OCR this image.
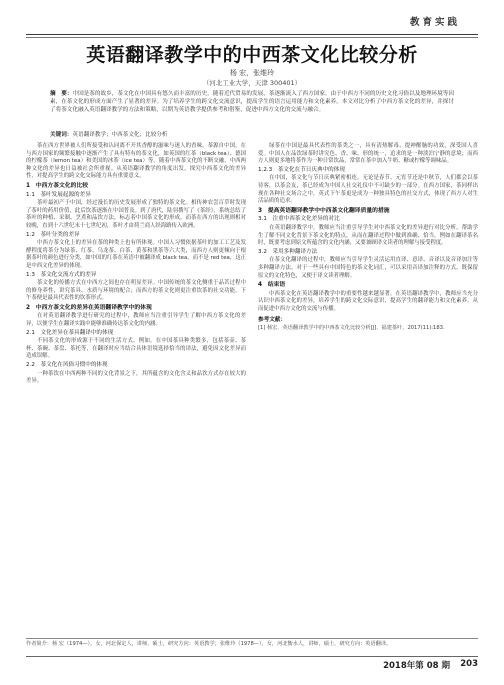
教育实践
英语翻译教学中的中西茶文化比较分析
杨 宏，张维玲
（河北工业大学，天津 300401）
摘　要：中国是茶的故乡，茶文化在中国具有悠久而丰富的历史，随着近代贸易的发展，茶逐渐流入了西方国家。由于中西方不同的历史文化习俗以及地理环境等因素，在茶文化的形成方面产生了显著的差异。为了培养学生的跨文化交流意识，提高学生的语言运用能力和文化素养，本文对比分析了中西方茶文化的差异，并探讨了将茶文化融入英语翻译教学的方法和策略，以期为英语教学提供参考和借鉴，促进中西方文化的交流与融合。
关键词：英语翻译教学；中西茶文化；比较分析

茶在西方世界被人们所接受和认同离不开其香醇的滋味与迷人的香味。茶源自中国，在与西方国家的频繁接触中逐渐产生了具有特有的茶文化，如英国的红茶（black tea）、德国的柠檬茶（lemon tea）和美国的冰茶（ice tea）等。随着中西茶文化的不断交融，中西两种文化的差异也日益被社会所重视。从英语翻译教学的角度出发，探究中西茶文化的差异性，对提高学生的跨文化交际能力具有重要意义。

1　中西方茶文化的比较
1.1　茶叶发展起源的差异

茶叶最初产于中国，经过漫长的历史发展形成了独特的茶文化。相传神农尝百草时发现了茶叶的药用价值，此后饮茶逐渐在中国普及。到了唐代，陆羽撰写了《茶经》，系统总结了茶叶的种植、采制、烹煮和品饮方法，标志着中国茶文化的形成。而茶在西方的出现则相对较晚，直到十六世纪末十七世纪初，茶叶才由荷兰商人经海路传入欧洲。

1.2　茶叶分类的差异

中西方茶文化上的差异在茶的种类上也有所体现。中国人习惯依据茶叶的加工工艺及发酵程度将茶分为绿茶、红茶、乌龙茶、白茶、黄茶和黑茶等六大类，而西方人则更倾向于根据茶叶的颜色进行分类，如中国的红茶在英语中被翻译成 black tea，而不是 red tea，这正是中西文化差异的体现。

1.3　茶文化交流方式的差异

茶文化的传播方式在中西方之间也存在明显差异。中国传统的茶文化侧重于品茗过程中的修身养性，讲究茶具、水质与环境的配合；而西方的茶文化则更注重饮茶的社交功能，下午茶便是最具代表性的饮茶形式。

2　中西方茶文化的差异在英语翻译教学中的体现

在对英语翻译教学进行研究的过程中，教师应当注重引导学生了解中西方茶文化的差异，以便学生在翻译实践中能够准确传达茶文化的内涵。

2.1　文化差异在茶具翻译中的体现

不同茶文化的形成源于不同的生活方式。例如，在中国茶具种类繁多，包括茶壶、茶杯、茶碗、茶盘、茶托等，在翻译时应当结合具体语境选择恰当的译法，避免因文化差异而造成误解。

2.2　茶文化在风俗习惯中的体现

一种茶饮在中西两种不同的文化背景之下，其所蕴含的文化含义和品饮方式存在较大的差异。

绿茶在中国是最具代表性的茶类之一，具有清热解毒、提神醒脑的功效，深受国人喜爱。中国人在品饮绿茶时讲究色、香、味、形的统一，追求的是一种淡泊宁静的意境；而西方人则更多地将茶作为一种日常饮品，常常在茶中加入牛奶、糖或柠檬等调味品。

1.2.3　茶文化在节日庆典中的体现

在中国，茶文化与节日庆典紧密相连。无论是春节、元宵节还是中秋节，人们都会以茶待客，以茶会友，茶已经成为中国人社交礼仪中不可缺少的一部分。在西方国家，茶同样出现在各种社交场合之中，英式下午茶更是成为一种独具特色的社交方式，体现了西方人对生活品质的追求。

3　提高英语翻译教学中中西茶文化翻译质量的措施
3.1　注重中西茶文化差异的对比

在英语翻译教学中，教师应当注重引导学生对中西茶文化的差异进行对比分析，帮助学生了解不同文化背景下茶文化的特点，从而在翻译过程中做到准确、恰当。例如在翻译茶名时，既要考虑到原文所蕴含的文化内涵，又要兼顾译文读者的理解与接受程度。

3.2　采用多种翻译方法

在茶文化翻译的过程中，教师应当引导学生灵活运用直译、意译、音译以及音译加注等多种翻译方法。对于一些具有中国特色的茶文化词汇，可以采用音译加注释的方式，既保留原文的文化特色，又便于译文读者理解。

4　结束语

中西茶文化在英语翻译教学中的重要性越来越显著。在英语翻译教学中，教师应当充分认识中西茶文化的差异，培养学生的跨文化交际意识，提高学生的翻译能力和文化素养，从而促进中西方文化的交流与传播。

参考文献：
[1] 杨宏．英语翻译教学中的中西茶文化比较分析[J]．福建茶叶，2017(11):183.
作者简介：杨 宏（1974—），女，河北保定人，讲师，硕士，研究方向：英语教学；张维玲（1978—），女，河北衡水人，讲师，硕士，研究方向：英语翻译。
2018年第 08 期 203
